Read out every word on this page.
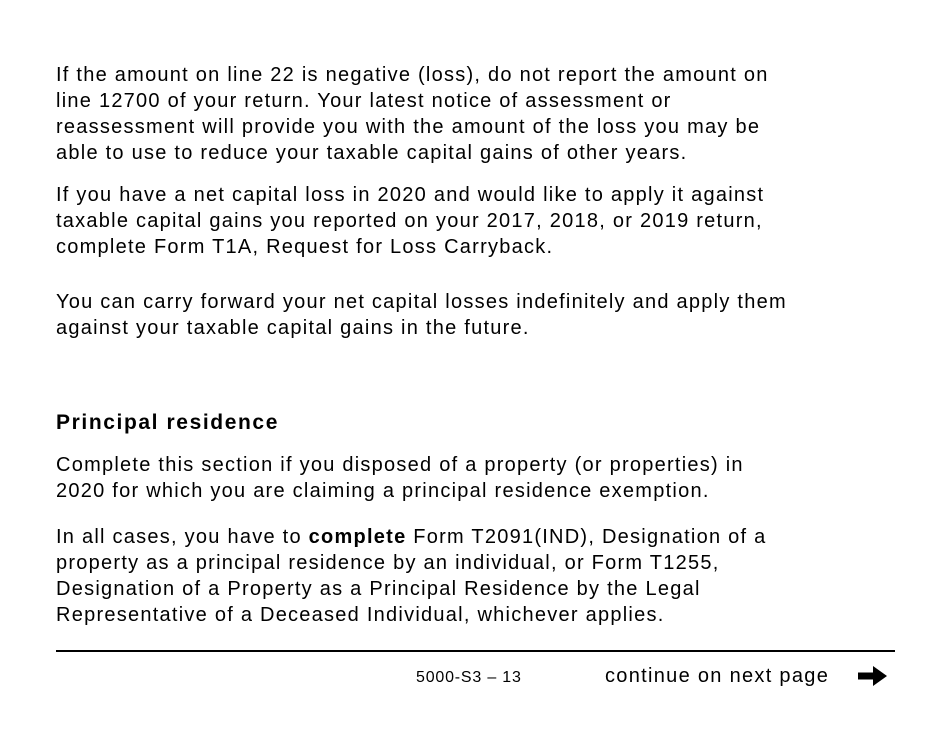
If the amount on line 22 is negative (loss), do not report the amount on
line 12700 of your return. Your latest notice of assessment or
reassessment will provide you with the amount of the loss you may be
able to use to reduce your taxable capital gains of other years.

If you have a net capital loss in 2020 and would like to apply it against
taxable capital gains you reported on your 2017, 2018, or 2019 return,
complete Form T1A, Request for Loss Carryback.

You can carry forward your net capital losses indefinitely and apply them
against your taxable capital gains in the future.

Principal residence

Complete this section if you disposed of a property (or properties) in
2020 for which you are claiming a principal residence exemption.

In all cases, you have to complete Form T2091(IND), Designation of a
property as a principal residence by an individual, or Form T1255,
Designation of a Property as a Principal Residence by the Legal
Representative of a Deceased Individual, whichever applies.

5000-S3 – 13	continue on next page
